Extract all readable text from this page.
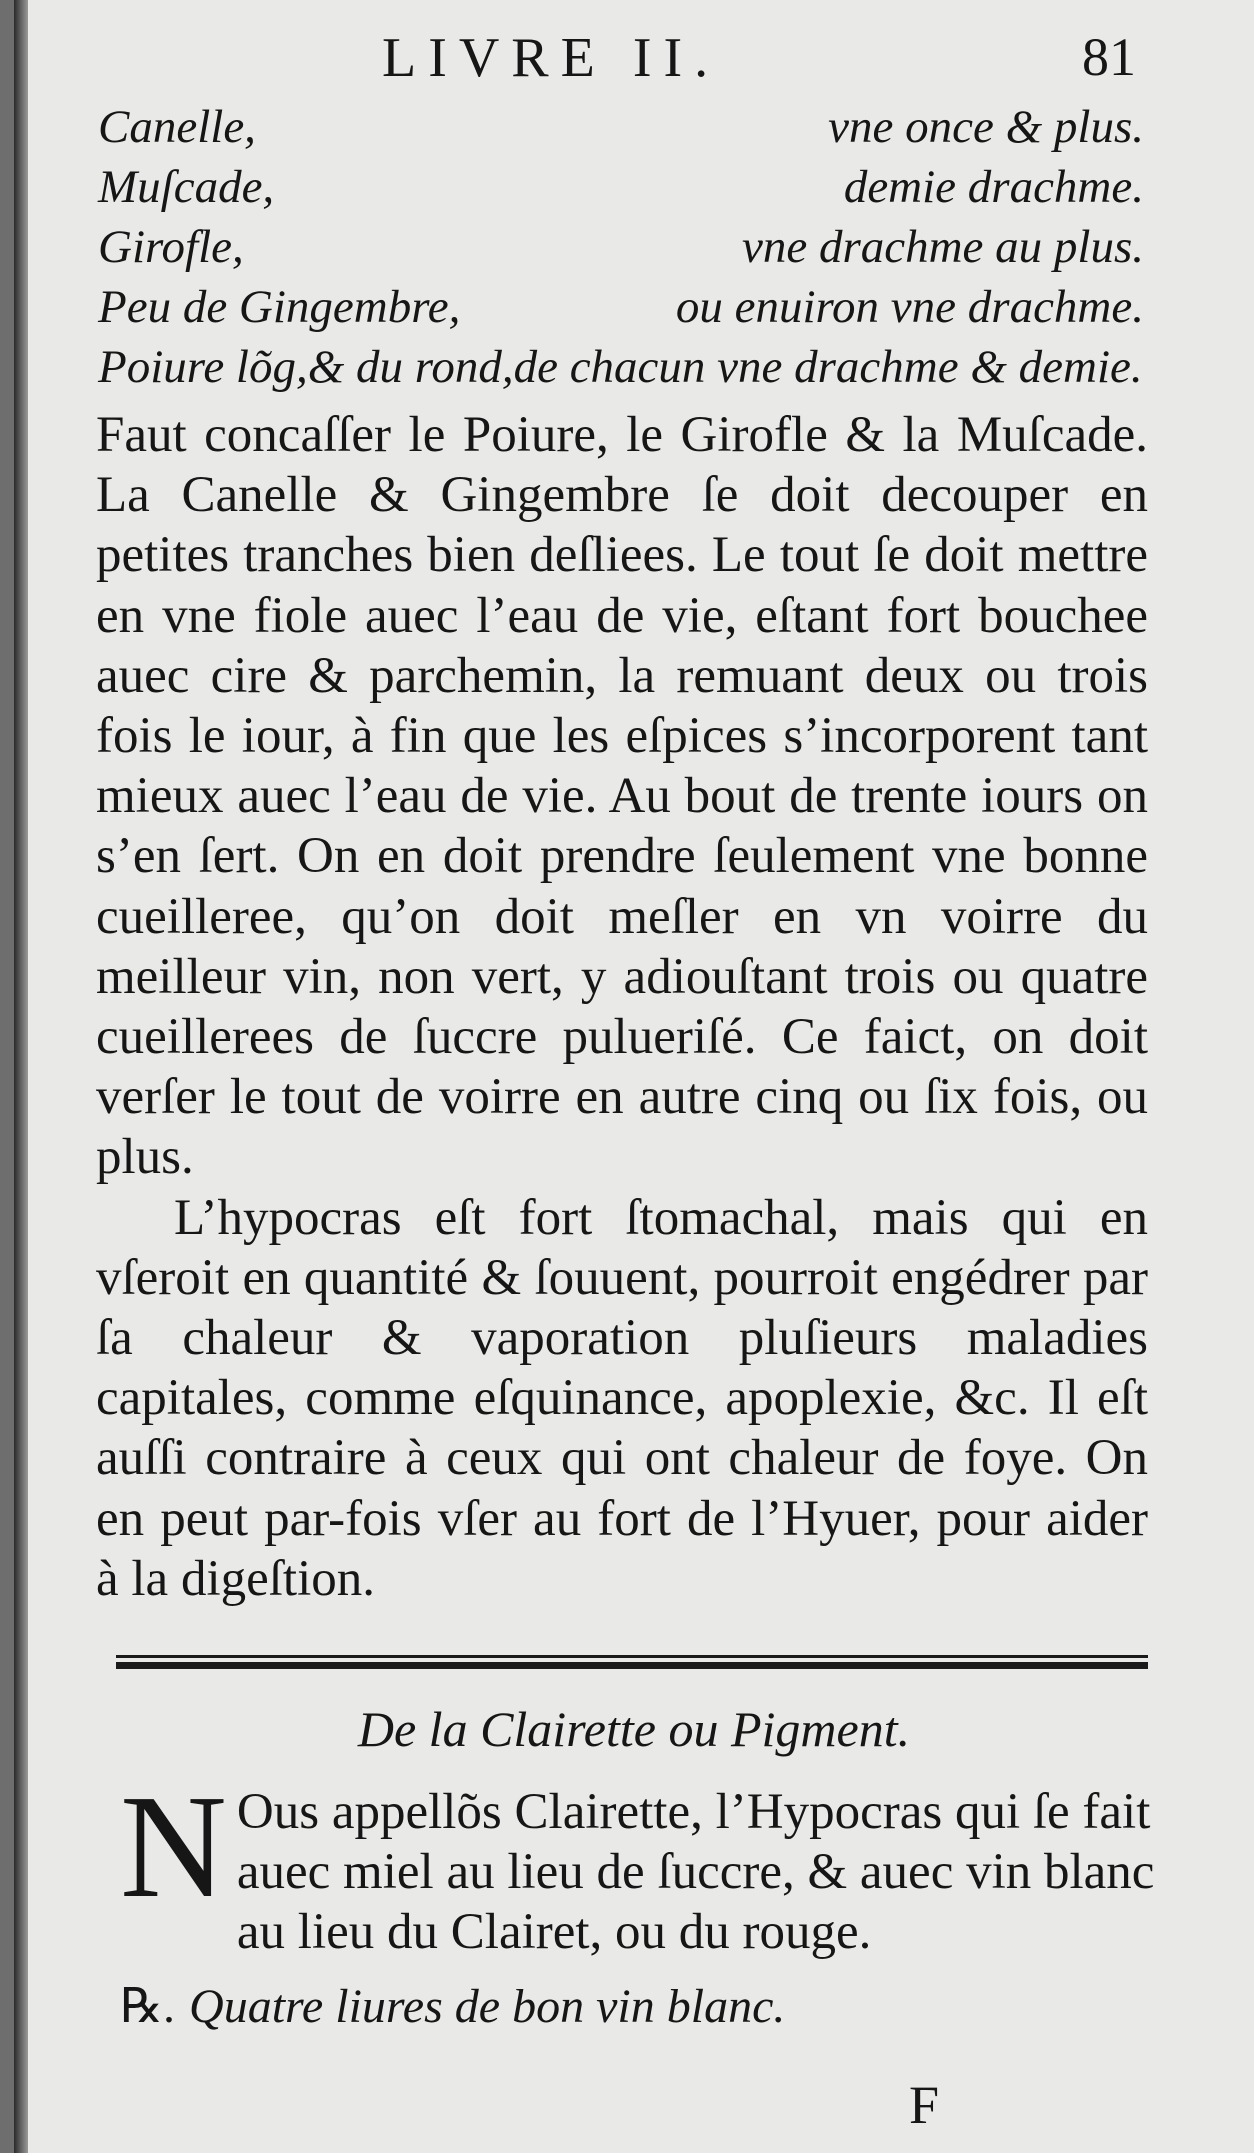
LIVRE II.	81
Canelle,	vne once & plus.
Muſcade,	demie drachme.
Girofle,	vne drachme au plus.
Peu de Gingembre,	ou enuiron vne drachme.
Poiure lõg,& du rond,de chacun vne drachme & demie.

Faut concaſſer le Poiure, le Girofle & la Muſcade. La Canelle & Gingembre ſe doit decouper en petites tranches bien deſliees. Le tout ſe doit mettre en vne fiole auec l’eau de vie, eſtant fort bouchee auec cire & parchemin, la remuant deux ou trois fois le iour, à fin que les eſpices s’incorporent tant mieux auec l’eau de vie. Au bout de trente iours on s’en ſert. On en doit prendre ſeulement vne bonne cueilleree, qu’on doit meſler en vn voirre du meilleur vin, non vert, y adiouſtant trois ou quatre cueillerees de ſuccre pulueriſé. Ce faict, on doit verſer le tout de voirre en autre cinq ou ſix fois, ou plus.

L’hypocras eſt fort ſtomachal, mais qui en vſeroit en quantité & ſouuent, pourroit engédrer par ſa chaleur & vaporation pluſieurs maladies capitales, comme eſquinance, apoplexie, &c. Il eſt auſſi contraire à ceux qui ont chaleur de foye. On en peut par-fois vſer au fort de l’Hyuer, pour aider à la digeſtion.

De la Clairette ou Pigment.
N Ous appellõs Clairette, l’Hypocras qui ſe fait
auec miel au lieu de ſuccre, & auec vin blanc
au lieu du Clairet, ou du rouge.
℞. Quatre liures de bon vin blanc.
F
